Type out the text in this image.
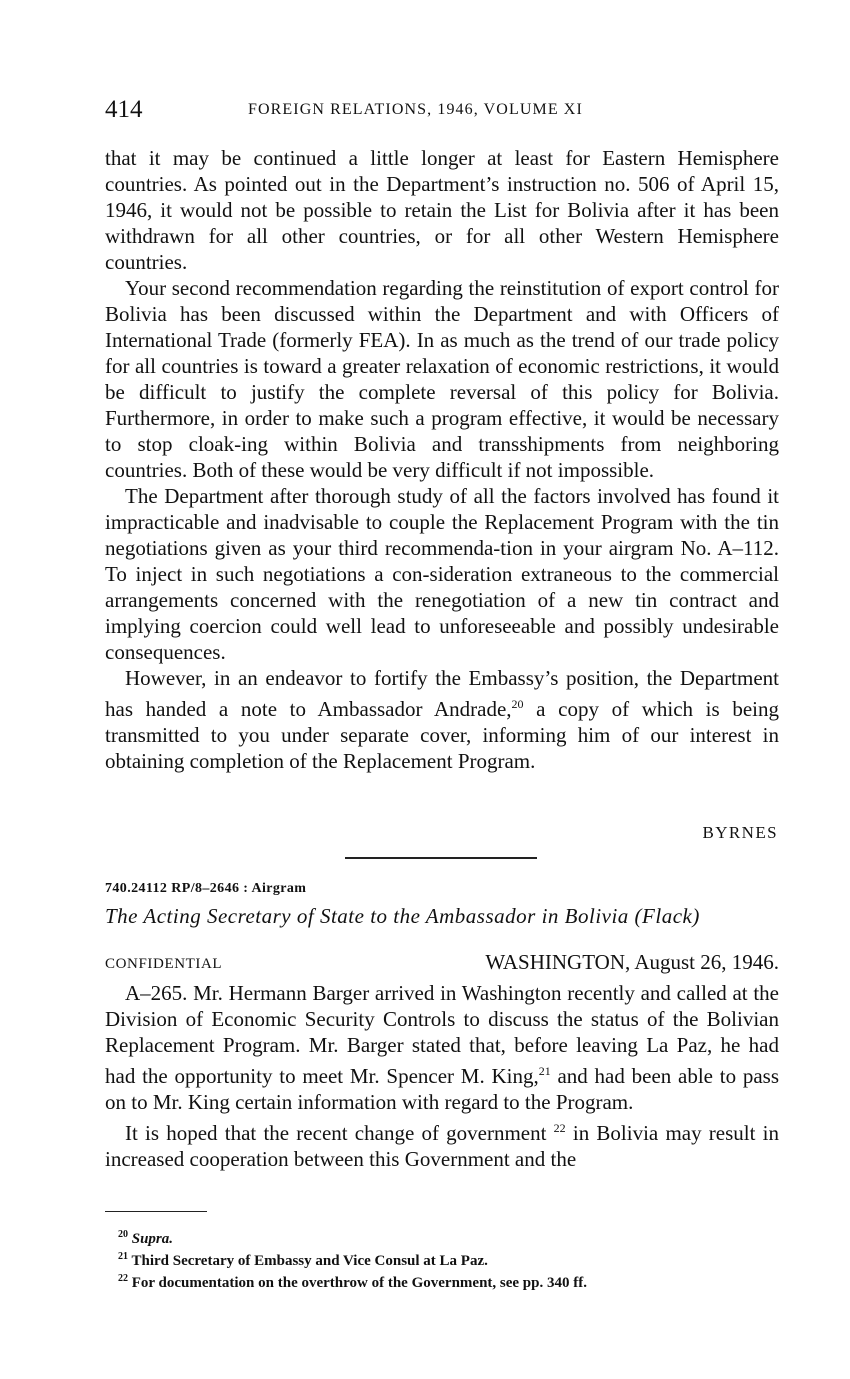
414	FOREIGN RELATIONS, 1946, VOLUME XI

that it may be continued a little longer at least for Eastern Hemisphere countries. As pointed out in the Department’s instruction no. 506 of April 15, 1946, it would not be possible to retain the List for Bolivia after it has been withdrawn for all other countries, or for all other Western Hemisphere countries.

Your second recommendation regarding the reinstitution of export control for Bolivia has been discussed within the Department and with Officers of International Trade (formerly FEA). In as much as the trend of our trade policy for all countries is toward a greater relaxation of economic restrictions, it would be difficult to justify the complete reversal of this policy for Bolivia. Furthermore, in order to make such a program effective, it would be necessary to stop cloak-ing within Bolivia and transshipments from neighboring countries. Both of these would be very difficult if not impossible.

The Department after thorough study of all the factors involved has found it impracticable and inadvisable to couple the Replacement Program with the tin negotiations given as your third recommenda-tion in your airgram No. A–112. To inject in such negotiations a con-sideration extraneous to the commercial arrangements concerned with the renegotiation of a new tin contract and implying coercion could well lead to unforeseeable and possibly undesirable consequences.

However, in an endeavor to fortify the Embassy’s position, the Department has handed a note to Ambassador Andrade,$^{20}$ a copy of which is being transmitted to you under separate cover, informing him of our interest in obtaining completion of the Replacement Program.

BYRNES
740.24112 RP/8–2646 : Airgram
The Acting Secretary of State to the Ambassador in Bolivia (Flack)
CONFIDENTIAL	WASHINGTON, August 26, 1946.

A–265. Mr. Hermann Barger arrived in Washington recently and called at the Division of Economic Security Controls to discuss the status of the Bolivian Replacement Program. Mr. Barger stated that, before leaving La Paz, he had had the opportunity to meet Mr. Spencer M. King,$^{21}$ and had been able to pass on to Mr. King certain information with regard to the Program.

It is hoped that the recent change of government $^{22}$ in Bolivia may result in increased cooperation between this Government and the

$^{20}$ Supra.
$^{21}$ Third Secretary of Embassy and Vice Consul at La Paz.
$^{22}$ For documentation on the overthrow of the Government, see pp. 340 ff.
